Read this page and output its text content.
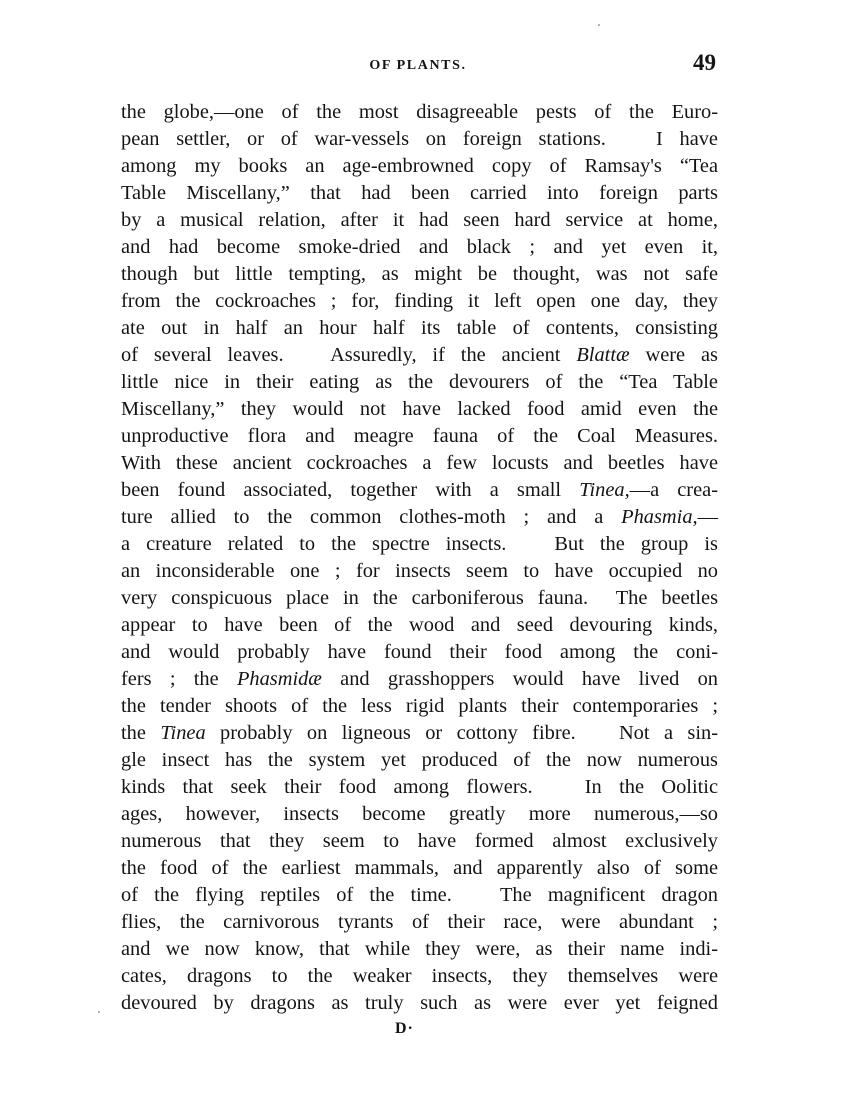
OF PLANTS.	49
the globe,—one of the most disagreeable pests of the Euro-
pean settler, or of war-vessels on foreign stations.   I have
among my books an age-embrowned copy of Ramsay's “Tea
Table Miscellany,” that had been carried into foreign parts
by a musical relation, after it had seen hard service at home,
and had become smoke-dried and black ; and yet even it,
though but little tempting, as might be thought, was not safe
from the cockroaches ; for, finding it left open one day, they
ate out in half an hour half its table of contents, consisting
of several leaves.   Assuredly, if the ancient Blattæ were as
little nice in their eating as the devourers of the “Tea Table
Miscellany,” they would not have lacked food amid even the
unproductive flora and meagre fauna of the Coal Measures.
With these ancient cockroaches a few locusts and beetles have
been found associated, together with a small Tinea,—a crea-
ture allied to the common clothes-moth ; and a Phasmia,—
a creature related to the spectre insects.   But the group is
an inconsiderable one ; for insects seem to have occupied no
very conspicuous place in the carboniferous fauna.  The beetles
appear to have been of the wood and seed devouring kinds,
and would probably have found their food among the coni-
fers ; the Phasmidæ and grasshoppers would have lived on
the tender shoots of the less rigid plants their contemporaries ;
the Tinea probably on ligneous or cottony fibre.   Not a sin-
gle insect has the system yet produced of the now numerous
kinds that seek their food among flowers.   In the Oolitic
ages, however, insects become greatly more numerous,—so
numerous that they seem to have formed almost exclusively
the food of the earliest mammals, and apparently also of some
of the flying reptiles of the time.   The magnificent dragon
flies, the carnivorous tyrants of their race, were abundant ;
and we now know, that while they were, as their name indi-
cates, dragons to the weaker insects, they themselves were
devoured by dragons as truly such as were ever yet feigned
D·
